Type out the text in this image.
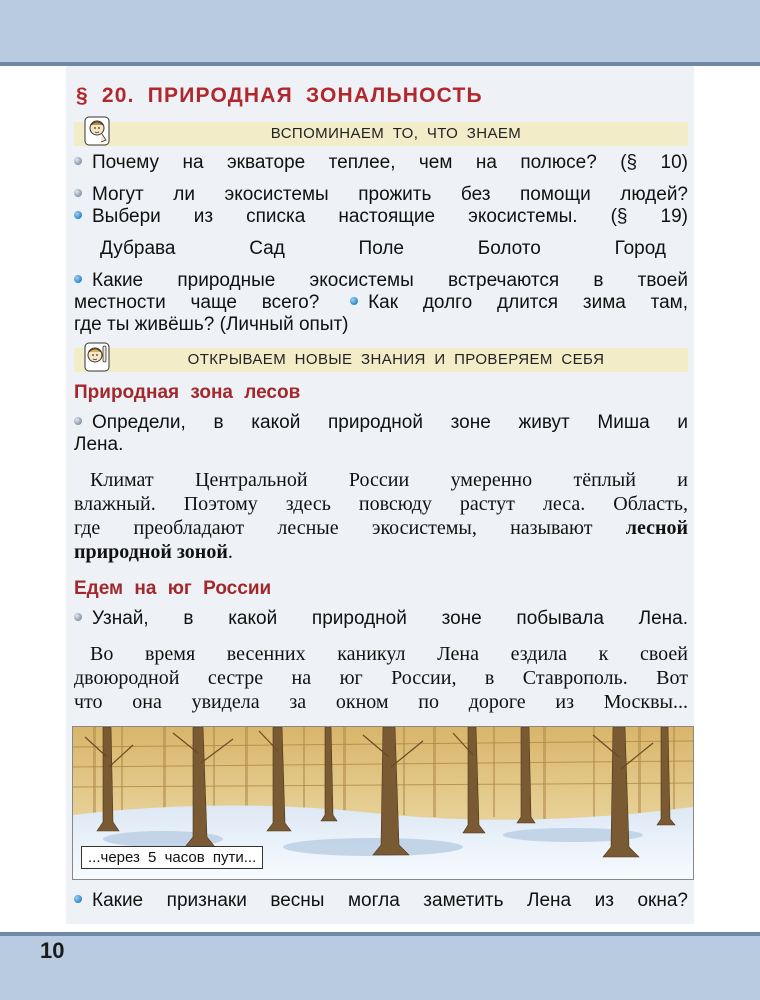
§ 20. ПРИРОДНАЯ ЗОНАЛЬНОСТЬ
ВСПОМИНАЕМ ТО, ЧТО ЗНАЕМ
Почему на экваторе теплее, чем на полюсе? (§ 10)
Могут ли экосистемы прожить без помощи людей?
Выбери из списка настоящие экосистемы. (§ 19)
Дубрава	Сад	Поле	Болото	Город
Какие природные экосистемы встречаются в твоей
местности чаще всего?	Как долго длится зима там,
где ты живёшь? (Личный опыт)
ОТКРЫВАЕМ НОВЫЕ ЗНАНИЯ И ПРОВЕРЯЕМ СЕБЯ
Природная зона лесов
Определи, в какой природной зоне живут Миша и
Лена.
Климат Центральной России умеренно тёплый и
влажный. Поэтому здесь повсюду растут леса. Область,
где преобладают лесные экосистемы, называют лесной
природной зоной.
Едем на юг России
Узнай, в какой природной зоне побывала Лена.
Во время весенних каникул Лена ездила к своей
двоюродной сестре на юг России, в Ставрополь. Вот
что она увидела за окном по дороге из Москвы...
...через 5 часов пути...
Какие признаки весны могла заметить Лена из окна?
10
